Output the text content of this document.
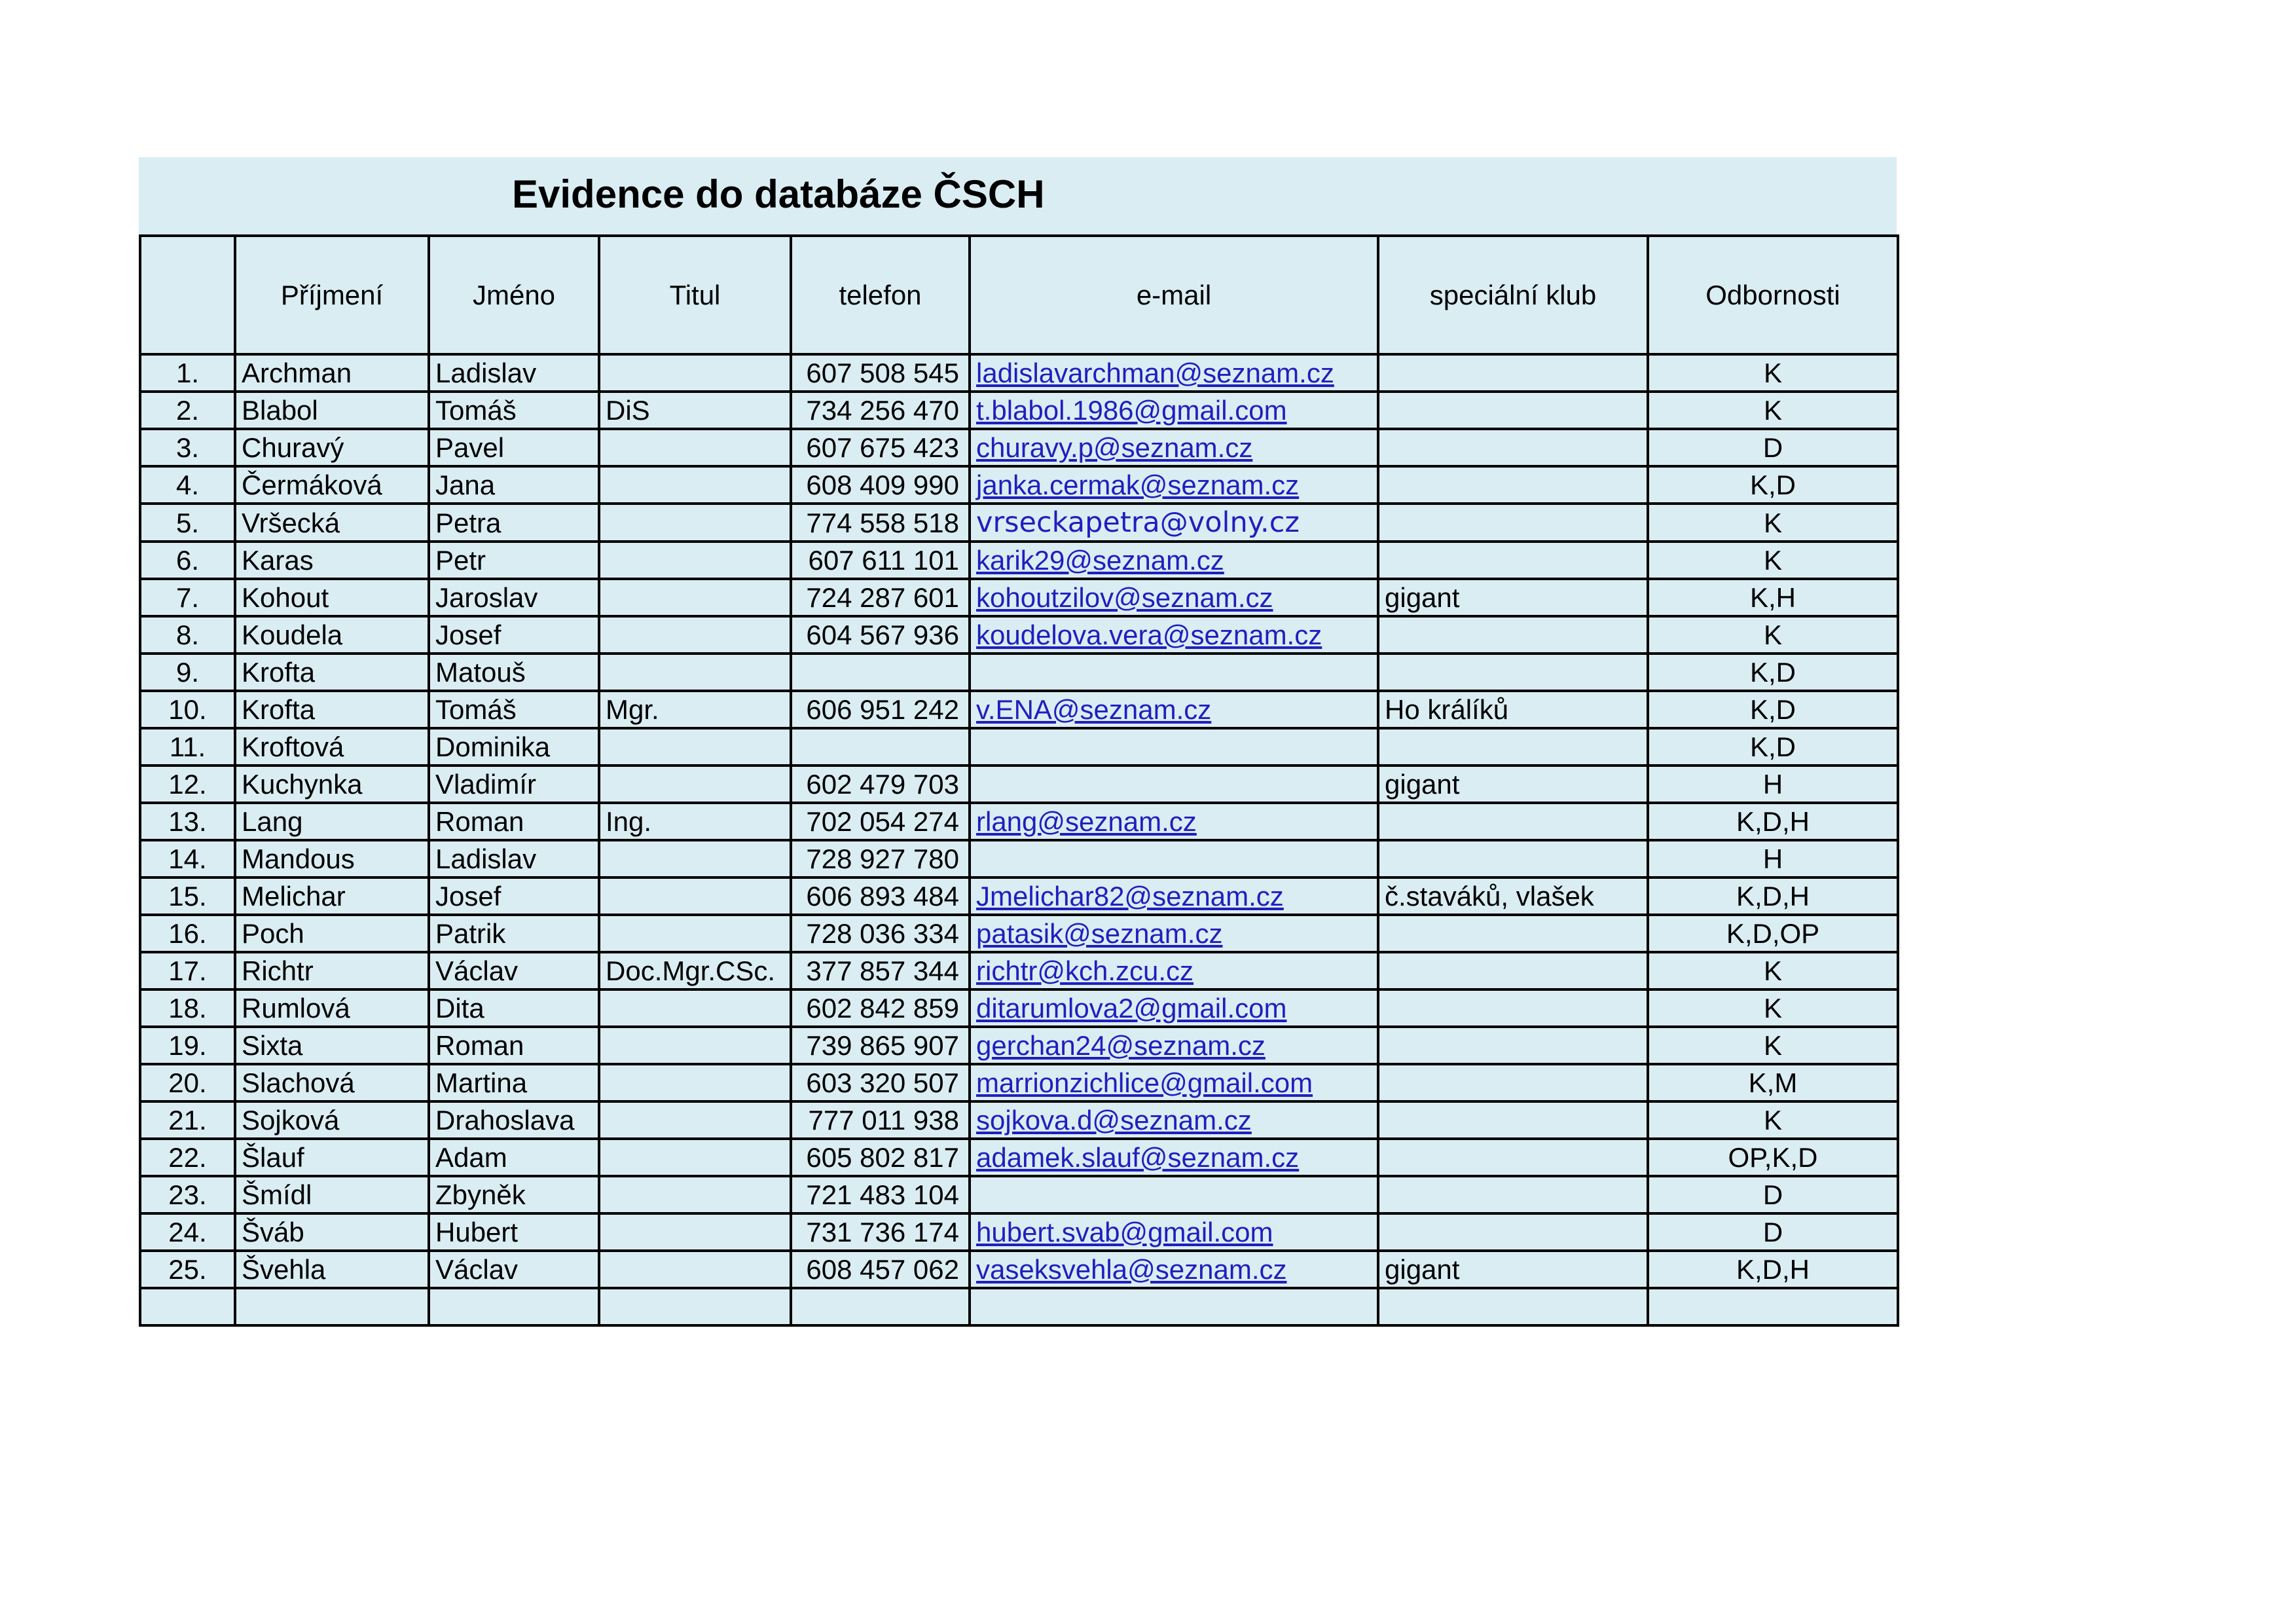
Evidence do databáze ČSCH
	Příjmení	Jméno	Titul	telefon	e-mail	speciální klub	Odbornosti
1.	Archman	Ladislav		607 508 545	ladislavarchman@seznam.cz		K
2.	Blabol	Tomáš	DiS	734 256 470	t.blabol.1986@gmail.com		K
3.	Churavý	Pavel		607 675 423	churavy.p@seznam.cz		D
4.	Čermáková	Jana		608 409 990	janka.cermak@seznam.cz		K,D
5.	Vršecká	Petra		774 558 518	vrseckapetra@volny.cz		K
6.	Karas	Petr		607 611 101	karik29@seznam.cz		K
7.	Kohout	Jaroslav		724 287 601	kohoutzilov@seznam.cz	gigant	K,H
8.	Koudela	Josef		604 567 936	koudelova.vera@seznam.cz		K
9.	Krofta	Matouš					K,D
10.	Krofta	Tomáš	Mgr.	606 951 242	v.ENA@seznam.cz	Ho králíků	K,D
11.	Kroftová	Dominika					K,D
12.	Kuchynka	Vladimír		602 479 703		gigant	H
13.	Lang	Roman	Ing.	702 054 274	rlang@seznam.cz		K,D,H
14.	Mandous	Ladislav		728 927 780			H
15.	Melichar	Josef		606 893 484	Jmelichar82@seznam.cz	č.staváků, vlašek	K,D,H
16.	Poch	Patrik		728 036 334	patasik@seznam.cz		K,D,OP
17.	Richtr	Václav	Doc.Mgr.CSc.	377 857 344	richtr@kch.zcu.cz		K
18.	Rumlová	Dita		602 842 859	ditarumlova2@gmail.com		K
19.	Sixta	Roman		739 865 907	gerchan24@seznam.cz		K
20.	Slachová	Martina		603 320 507	marrionzichlice@gmail.com		K,M
21.	Sojková	Drahoslava		777 011 938	sojkova.d@seznam.cz		K
22.	Šlauf	Adam		605 802 817	adamek.slauf@seznam.cz		OP,K,D
23.	Šmídl	Zbyněk		721 483 104			D
24.	Šváb	Hubert		731 736 174	hubert.svab@gmail.com		D
25.	Švehla	Václav		608 457 062	vaseksvehla@seznam.cz	gigant	K,D,H
